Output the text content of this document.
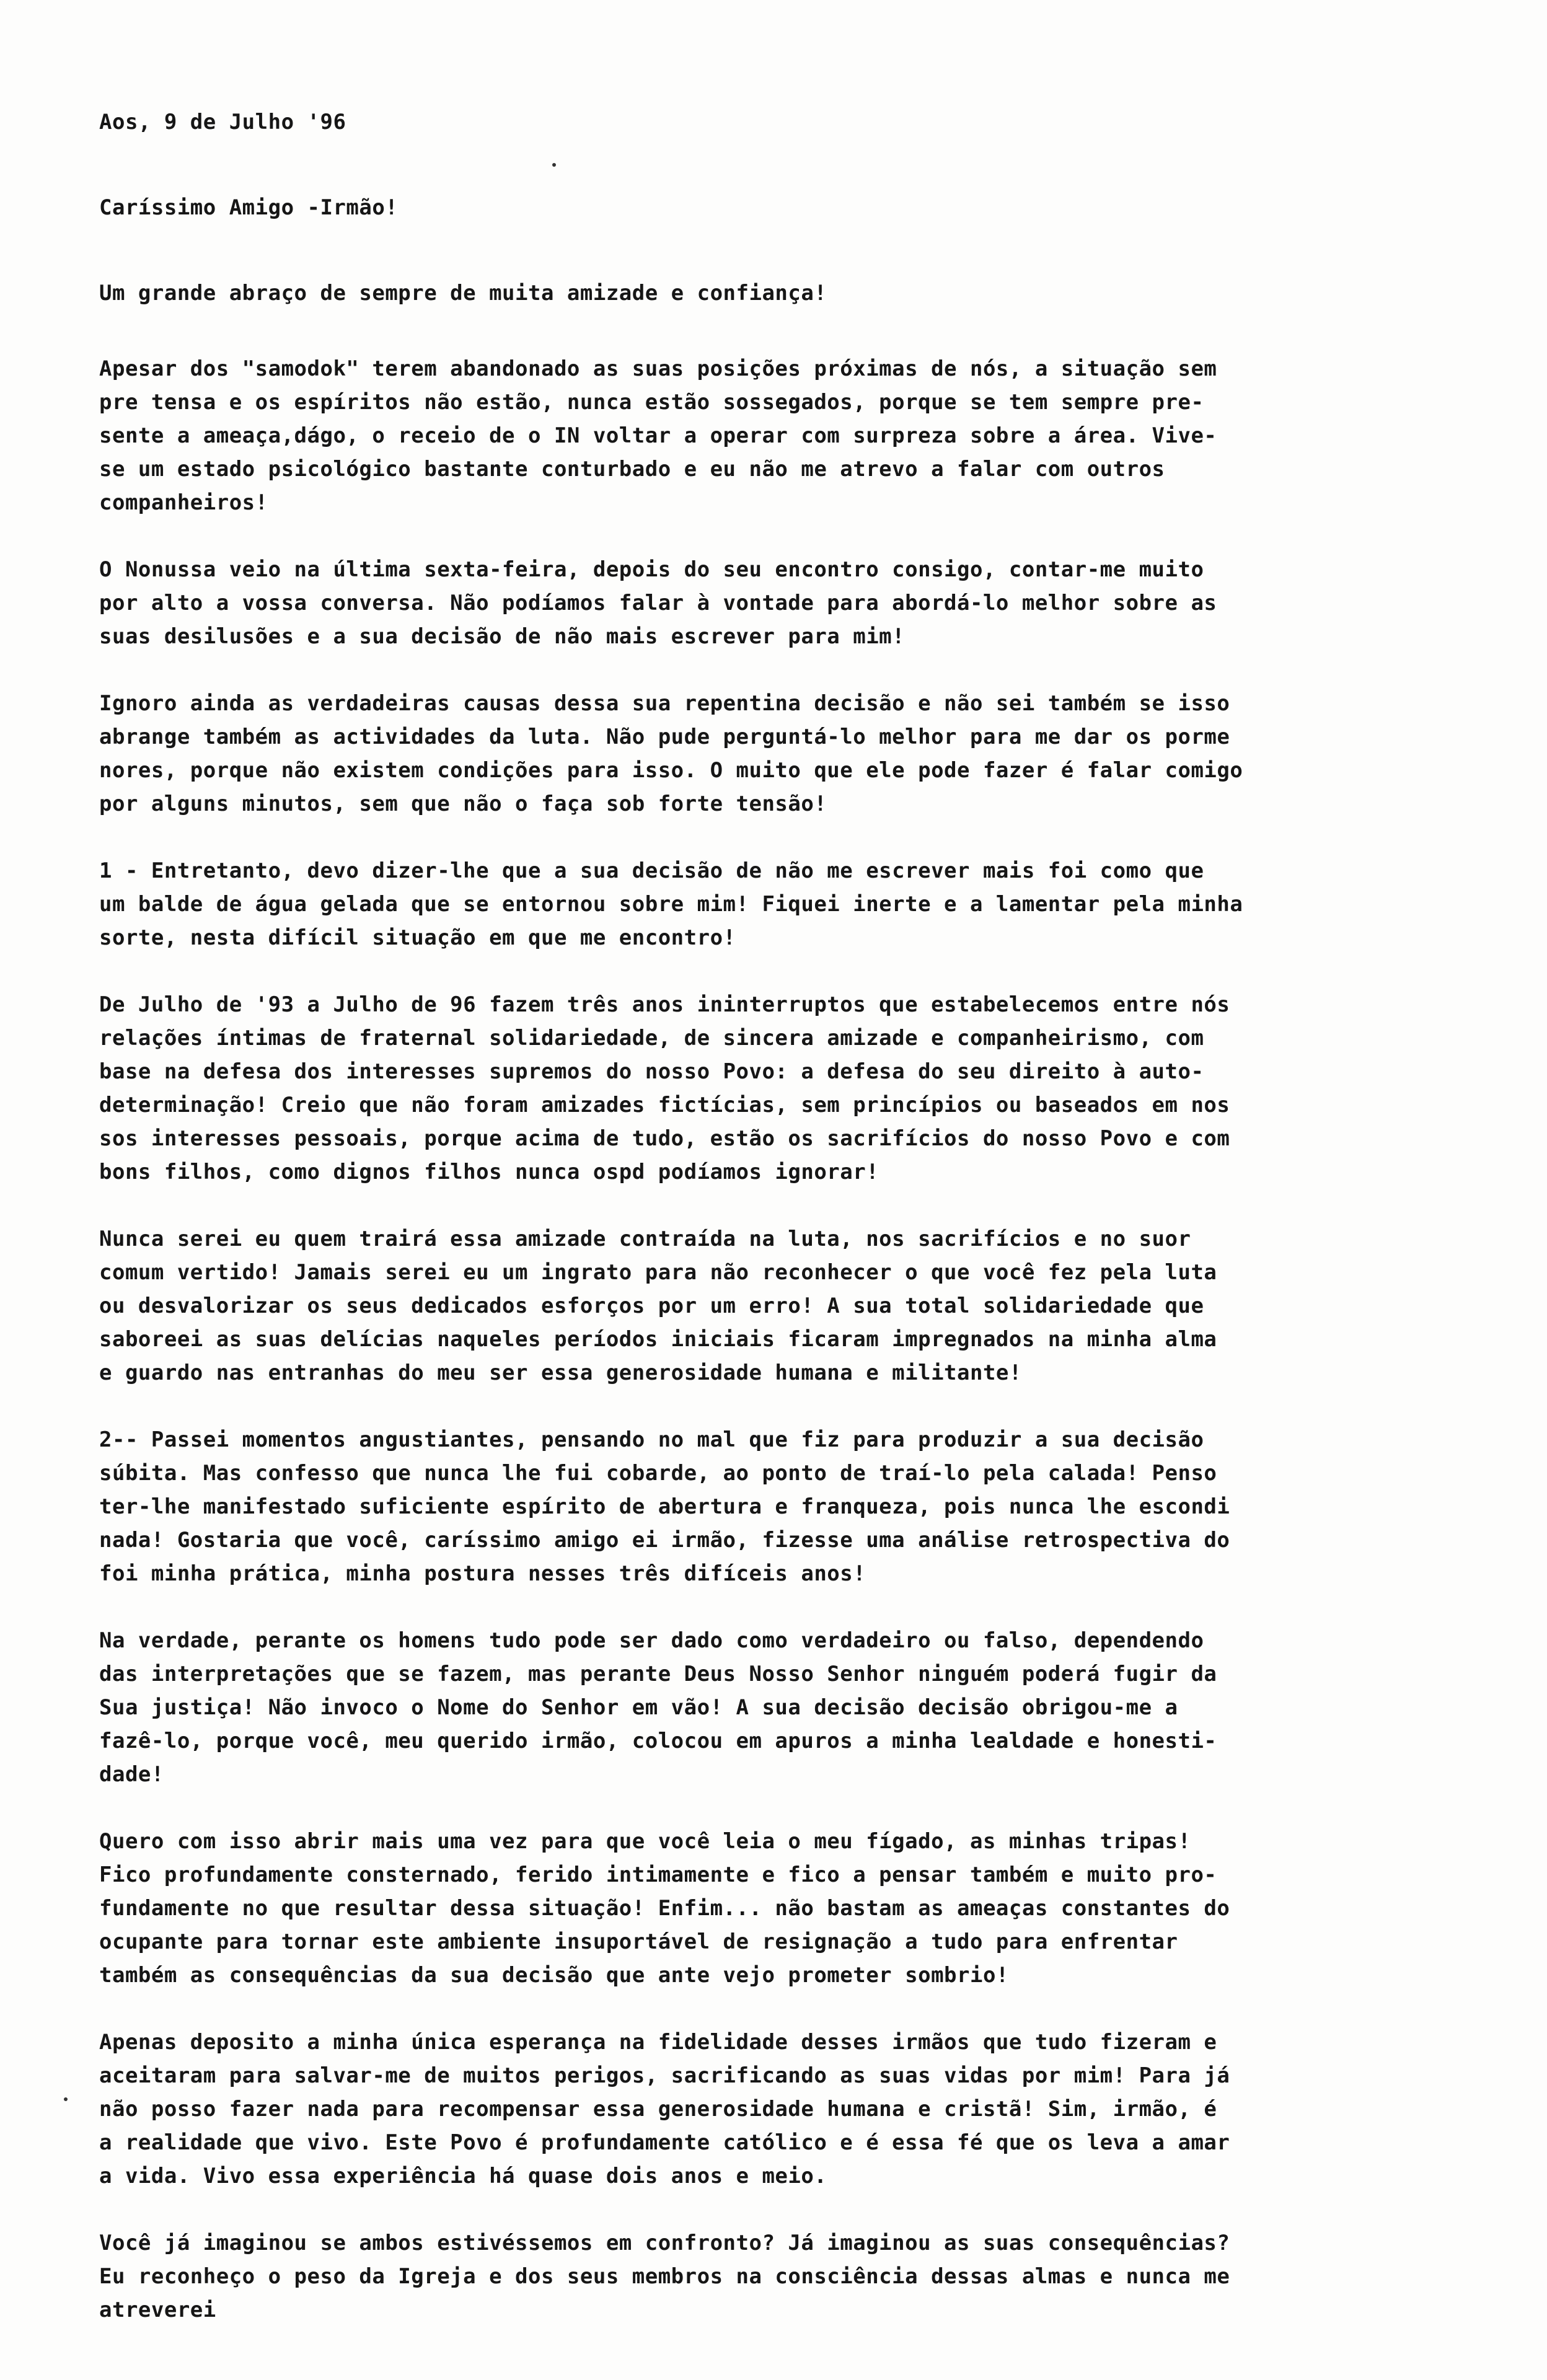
Aos, 9 de Julho '96
Caríssimo Amigo -Irmão!
Um grande abraço de sempre de muita amizade e confiança!
Apesar dos "samodok" terem abandonado as suas posições próximas de nós, a situação sem
pre tensa e os espíritos não estão, nunca estão sossegados, porque se tem sempre pre-
sente a ameaça,dágo, o receio de o IN voltar a operar com surpreza sobre a área. Vive-
se um estado psicológico bastante conturbado e eu não me atrevo a falar com outros
companheiros!
O Nonussa veio na última sexta-feira, depois do seu encontro consigo, contar-me muito
por alto a vossa conversa. Não podíamos falar à vontade para abordá-lo melhor sobre as
suas desilusões e a sua decisão de não mais escrever para mim!
Ignoro ainda as verdadeiras causas dessa sua repentina decisão e não sei também se isso
abrange também as actividades da luta. Não pude perguntá-lo melhor para me dar os porme
nores, porque não existem condições para isso. O muito que ele pode fazer é falar comigo
por alguns minutos, sem que não o faça sob forte tensão!
1 - Entretanto, devo dizer-lhe que a sua decisão de não me escrever mais foi como que
um balde de água gelada que se entornou sobre mim! Fiquei inerte e a lamentar pela minha
sorte, nesta difícil situação em que me encontro!
De Julho de '93 a Julho de 96 fazem três anos ininterruptos que estabelecemos entre nós
relações íntimas de fraternal solidariedade, de sincera amizade e companheirismo, com
base na defesa dos interesses supremos do nosso Povo: a defesa do seu direito à auto-
determinação! Creio que não foram amizades fictícias, sem princípios ou baseados em nos
sos interesses pessoais, porque acima de tudo, estão os sacrifícios do nosso Povo e com
bons filhos, como dignos filhos nunca ospd podíamos ignorar!
Nunca serei eu quem trairá essa amizade contraída na luta, nos sacrifícios e no suor
comum vertido! Jamais serei eu um ingrato para não reconhecer o que você fez pela luta
ou desvalorizar os seus dedicados esforços por um erro! A sua total solidariedade que
saboreei as suas delícias naqueles períodos iniciais ficaram impregnados na minha alma
e guardo nas entranhas do meu ser essa generosidade humana e militante!
2-- Passei momentos angustiantes, pensando no mal que fiz para produzir a sua decisão
súbita. Mas confesso que nunca lhe fui cobarde, ao ponto de traí-lo pela calada! Penso
ter-lhe manifestado suficiente espírito de abertura e franqueza, pois nunca lhe escondi
nada! Gostaria que você, caríssimo amigo ei irmão, fizesse uma análise retrospectiva do
foi minha prática, minha postura nesses três difíceis anos!
Na verdade, perante os homens tudo pode ser dado como verdadeiro ou falso, dependendo
das interpretações que se fazem, mas perante Deus Nosso Senhor ninguém poderá fugir da
Sua justiça! Não invoco o Nome do Senhor em vão! A sua decisão decisão obrigou-me a
fazê-lo, porque você, meu querido irmão, colocou em apuros a minha lealdade e honesti-
dade!
Quero com isso abrir mais uma vez para que você leia o meu fígado, as minhas tripas!
Fico profundamente consternado, ferido intimamente e fico a pensar também e muito pro-
fundamente no que resultar dessa situação! Enfim... não bastam as ameaças constantes do
ocupante para tornar este ambiente insuportável de resignação a tudo para enfrentar
também as consequências da sua decisão que ante vejo prometer sombrio!
Apenas deposito a minha única esperança na fidelidade desses irmãos que tudo fizeram e
aceitaram para salvar-me de muitos perigos, sacrificando as suas vidas por mim! Para já
não posso fazer nada para recompensar essa generosidade humana e cristã! Sim, irmão, é
a realidade que vivo. Este Povo é profundamente católico e é essa fé que os leva a amar
a vida. Vivo essa experiência há quase dois anos e meio.
Você já imaginou se ambos estivéssemos em confronto? Já imaginou as suas consequências?
Eu reconheço o peso da Igreja e dos seus membros na consciência dessas almas e nunca me
atreverei
